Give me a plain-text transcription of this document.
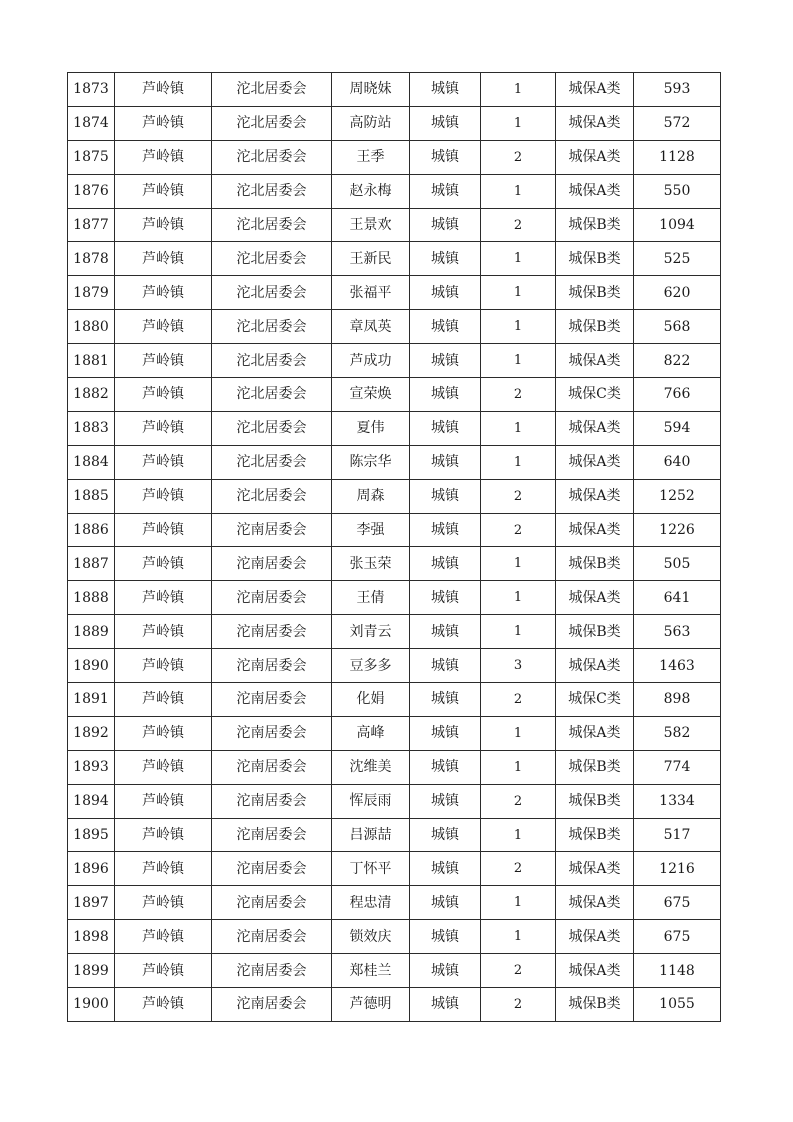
1873	芦岭镇	沱北居委会	周晓妹	城镇	1	城保A类	593
1874	芦岭镇	沱北居委会	高防站	城镇	1	城保A类	572
1875	芦岭镇	沱北居委会	王季	城镇	2	城保A类	1128
1876	芦岭镇	沱北居委会	赵永梅	城镇	1	城保A类	550
1877	芦岭镇	沱北居委会	王景欢	城镇	2	城保B类	1094
1878	芦岭镇	沱北居委会	王新民	城镇	1	城保B类	525
1879	芦岭镇	沱北居委会	张福平	城镇	1	城保B类	620
1880	芦岭镇	沱北居委会	章凤英	城镇	1	城保B类	568
1881	芦岭镇	沱北居委会	芦成功	城镇	1	城保A类	822
1882	芦岭镇	沱北居委会	宣荣焕	城镇	2	城保C类	766
1883	芦岭镇	沱北居委会	夏伟	城镇	1	城保A类	594
1884	芦岭镇	沱北居委会	陈宗华	城镇	1	城保A类	640
1885	芦岭镇	沱北居委会	周森	城镇	2	城保A类	1252
1886	芦岭镇	沱南居委会	李强	城镇	2	城保A类	1226
1887	芦岭镇	沱南居委会	张玉荣	城镇	1	城保B类	505
1888	芦岭镇	沱南居委会	王倩	城镇	1	城保A类	641
1889	芦岭镇	沱南居委会	刘青云	城镇	1	城保B类	563
1890	芦岭镇	沱南居委会	豆多多	城镇	3	城保A类	1463
1891	芦岭镇	沱南居委会	化娟	城镇	2	城保C类	898
1892	芦岭镇	沱南居委会	高峰	城镇	1	城保A类	582
1893	芦岭镇	沱南居委会	沈维美	城镇	1	城保B类	774
1894	芦岭镇	沱南居委会	恽辰雨	城镇	2	城保B类	1334
1895	芦岭镇	沱南居委会	吕源喆	城镇	1	城保B类	517
1896	芦岭镇	沱南居委会	丁怀平	城镇	2	城保A类	1216
1897	芦岭镇	沱南居委会	程忠清	城镇	1	城保A类	675
1898	芦岭镇	沱南居委会	锁效庆	城镇	1	城保A类	675
1899	芦岭镇	沱南居委会	郑桂兰	城镇	2	城保A类	1148
1900	芦岭镇	沱南居委会	芦德明	城镇	2	城保B类	1055
